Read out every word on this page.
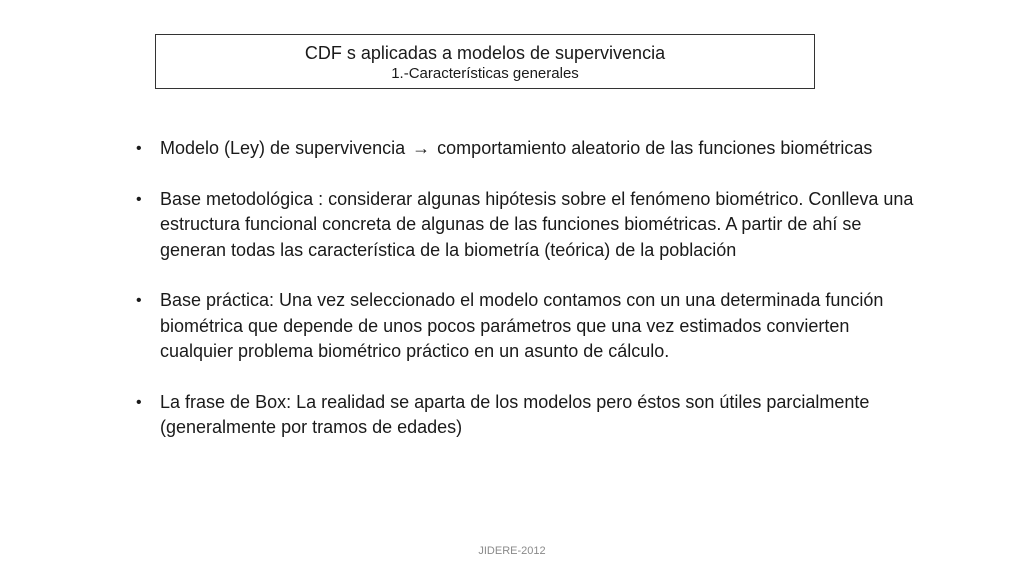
CDF s aplicadas a modelos de supervivencia
1.-Características generales
• Modelo (Ley) de supervivencia → comportamiento aleatorio de las funciones biométricas
• Base metodológica : considerar algunas hipótesis sobre el fenómeno biométrico. Conlleva una estructura funcional concreta de algunas de las funciones biométricas. A partir de ahí se generan todas las característica de la biometría (teórica) de la población
• Base práctica: Una vez seleccionado el modelo contamos con un una determinada función biométrica que depende de unos pocos parámetros que una vez estimados convierten cualquier problema biométrico práctico en un asunto de cálculo.
• La frase de Box: La realidad se aparta de los modelos pero éstos son útiles parcialmente (generalmente por tramos de edades)
JIDERE-2012
